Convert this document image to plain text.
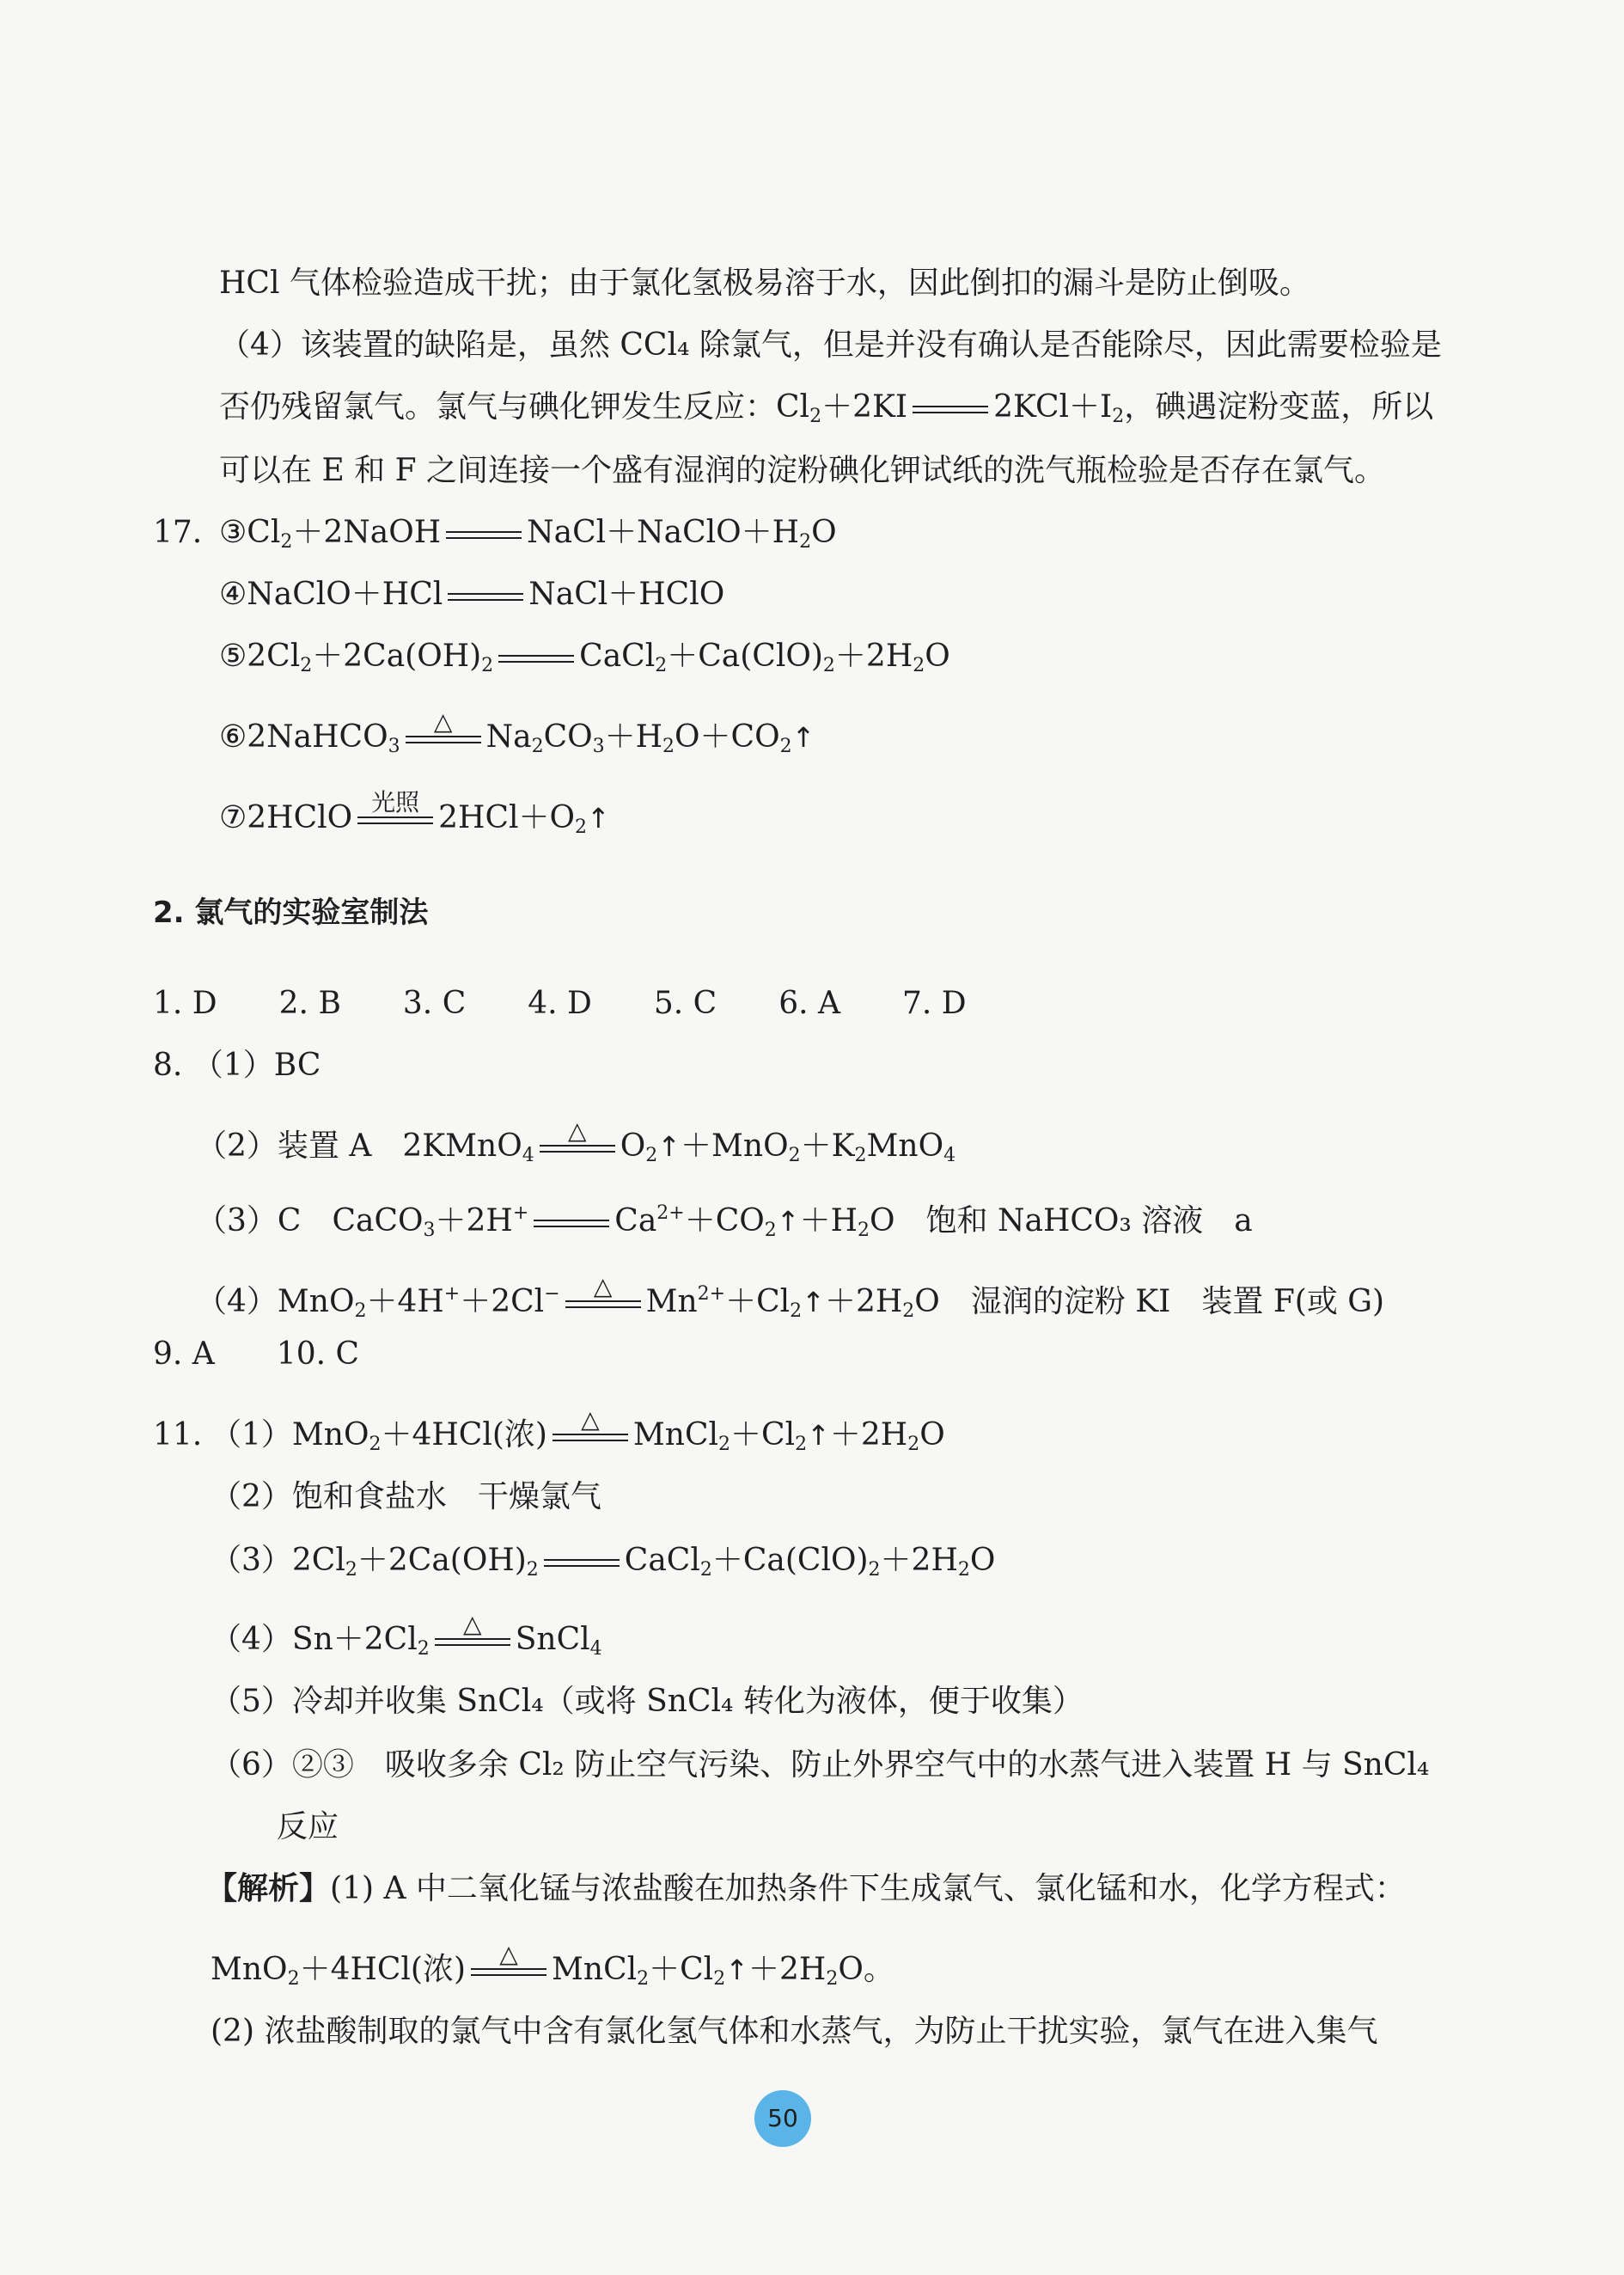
HCl 气体检验造成干扰；由于氯化氢极易溶于水，因此倒扣的漏斗是防止倒吸。
（4）该装置的缺陷是，虽然 CCl₄ 除氯气，但是并没有确认是否能除尽，因此需要检验是
否仍残留氯气。氯气与碘化钾发生反应：$Cl_2+2KI$	$2KCl+I_2$，碘遇淀粉变蓝，所以
可以在 E 和 F 之间连接一个盛有湿润的淀粉碘化钾试纸的洗气瓶检验是否存在氯气。
17. $③Cl_2+2NaOH$	$NaCl+NaClO+H_2O$
④NaClO＋HCl	NaCl＋HClO
$⑤2Cl_2+2Ca(OH)_2$	$CaCl_2+Ca(ClO)_2+2H_2O$
⑥2NaHCO$_3$
△	$Na_2CO_3+H_2O+CO_2↑$
⑦2HClO 光照 $2HCl+O_2↑$
2. 氯气的实验室制法
1. D　　2. B　　3. C　　4. D　　5. C　　6. A　　7. D
8. （1）BC
（2）装置 A　2KMnO$_4$
△	$O_2↑+MnO_2+K_2MnO_4$
（3）C　CaCO$_3$＋2H+	$Ca^{2+}+CO_2↑+H_2O$　饱和 NaHCO₃ 溶液　a
（4）MnO$_2$＋4H+＋2Cl−	△	$Mn^{2+}+Cl_2↑+2H_2O$　湿润的淀粉 KI　装置 F(或 G)
9. A　　10. C
11. （1）MnO$_2$＋4HCl(浓)	△	$MnCl_2+Cl_2↑+2H_2O$
（2）饱和食盐水　干燥氯气
$(3)2Cl_2+2Ca(OH)_2$	$CaCl_2+Ca(ClO)_2+2H_2O$
$(4)Sn+2Cl_2$
△	SnCl$_4$
（5）冷却并收集 SnCl₄（或将 SnCl₄ 转化为液体，便于收集）
（6）②③　吸收多余 Cl₂ 防止空气污染、防止外界空气中的水蒸气进入装置 H 与 SnCl₄
反应
【解析】(1) A 中二氧化锰与浓盐酸在加热条件下生成氯气、氯化锰和水，化学方程式：
MnO$_2$＋4HCl(浓)	△	$MnCl_2+Cl_2↑+2H_2O$。
(2) 浓盐酸制取的氯气中含有氯化氢气体和水蒸气，为防止干扰实验，氯气在进入集气
50
